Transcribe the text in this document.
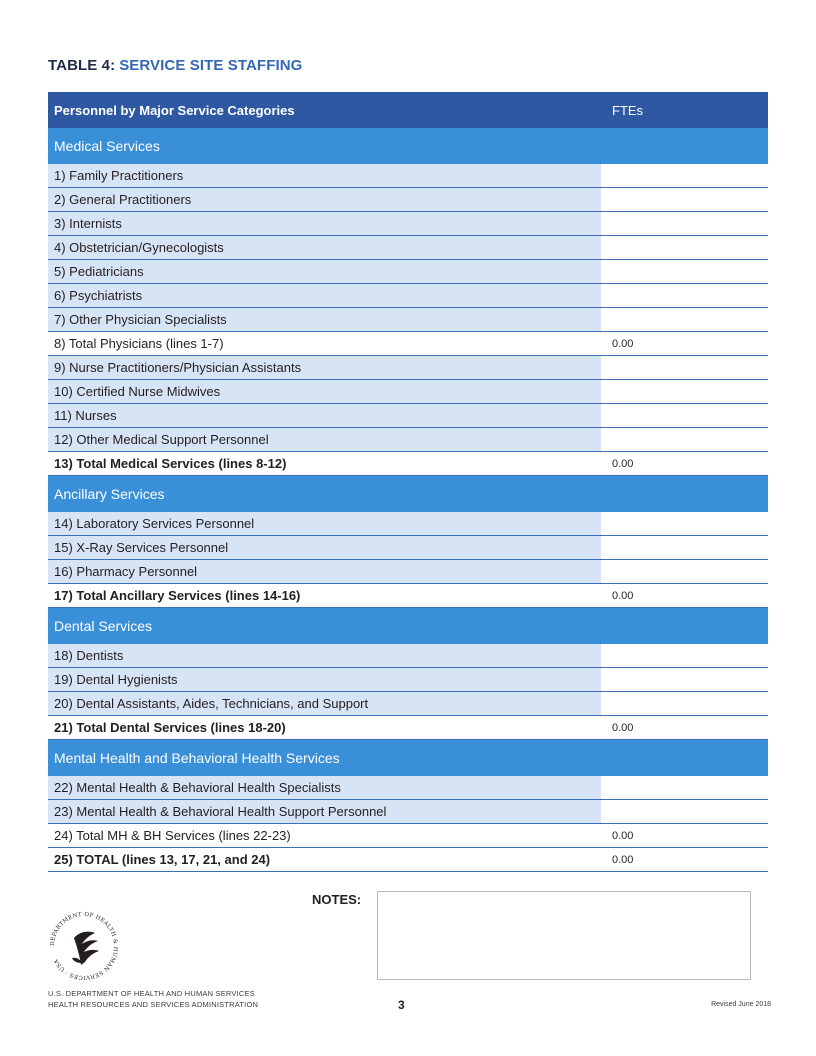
TABLE 4: SERVICE SITE STAFFING
Personnel by Major Service Categories	FTEs
Medical Services
1) Family Practitioners
2) General Practitioners
3) Internists
4) Obstetrician/Gynecologists
5) Pediatricians
6) Psychiatrists
7) Other Physician Specialists
8) Total Physicians (lines 1-7)	0.00
9) Nurse Practitioners/Physician Assistants
10) Certified Nurse Midwives
11) Nurses
12) Other Medical Support Personnel
13) Total Medical Services (lines 8-12)	0.00
Ancillary Services
14) Laboratory Services Personnel
15) X-Ray Services Personnel
16) Pharmacy Personnel
17) Total Ancillary Services (lines 14-16)	0.00
Dental Services
18) Dentists
19) Dental Hygienists
20) Dental Assistants, Aides, Technicians, and Support
21) Total Dental Services (lines 18-20)	0.00
Mental Health and Behavioral Health Services
22) Mental Health & Behavioral Health Specialists
23) Mental Health & Behavioral Health Support Personnel
24) Total MH & BH Services (lines 22-23)	0.00
25) TOTAL (lines 13, 17, 21, and 24)	0.00
NOTES:
DEPARTMENT OF HEALTH & HUMAN SERVICES · USA
U.S. DEPARTMENT OF HEALTH AND HUMAN SERVICES
HEALTH RESOURCES AND SERVICES ADMINISTRATION	3	Revised June 2018
